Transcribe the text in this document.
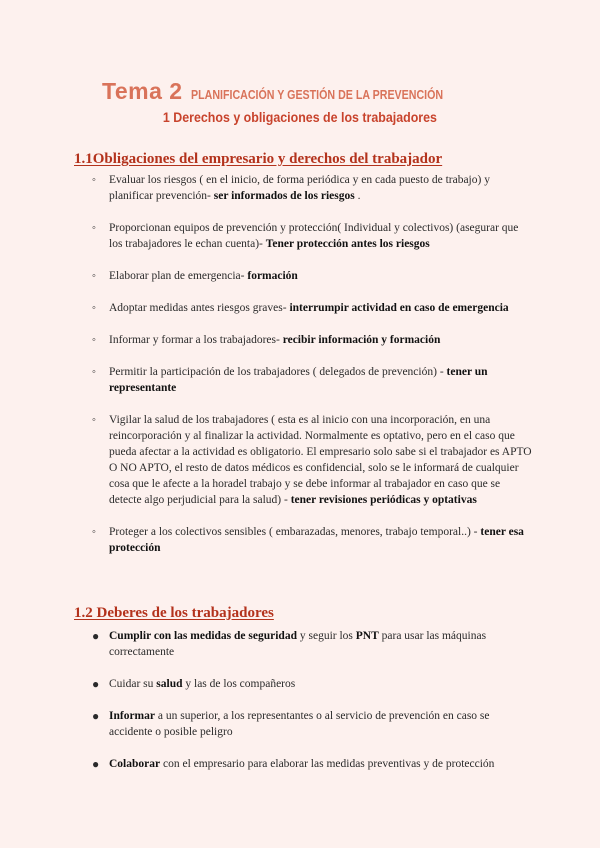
Tema 2 PLANIFICACIÓN Y GESTIÓN DE LA PREVENCIÓN
1 Derechos y obligaciones de los trabajadores
1.1Obligaciones del empresario y derechos del trabajador
◦ Evaluar los riesgos ( en el inicio, de forma periódica y en cada puesto de trabajo) y planificar prevención- ser informados de los riesgos .
◦ Proporcionan equipos de prevención y protección( Individual y colectivos) (asegurar que los trabajadores le echan cuenta)- Tener protección antes los riesgos
◦ Elaborar plan de emergencia- formación
◦ Adoptar medidas antes riesgos graves- interrumpir actividad en caso de emergencia
◦ Informar y formar a los trabajadores- recibir información y formación
◦ Permitir la participación de los trabajadores ( delegados de prevención) - tener un representante
◦ Vigilar la salud de los trabajadores ( esta es al inicio con una incorporación, en una reincorporación y al finalizar la actividad. Normalmente es optativo, pero en el caso que pueda afectar a la actividad es obligatorio. El empresario solo sabe si el trabajador es APTO O NO APTO, el resto de datos médicos es confidencial, solo se le informará de cualquier cosa que le afecte a la horadel trabajo y se debe informar al trabajador en caso que se detecte algo perjudicial para la salud) - tener revisiones periódicas y optativas
◦ Proteger a los colectivos sensibles ( embarazadas, menores, trabajo temporal..) - tener esa protección
1.2 Deberes de los trabajadores
● Cumplir con las medidas de seguridad y seguir los PNT para usar las máquinas correctamente
● Cuidar su salud y las de los compañeros
● Informar a un superior, a los representantes o al servicio de prevención en caso se accidente o posible peligro
● Colaborar con el empresario para elaborar las medidas preventivas y de protección
